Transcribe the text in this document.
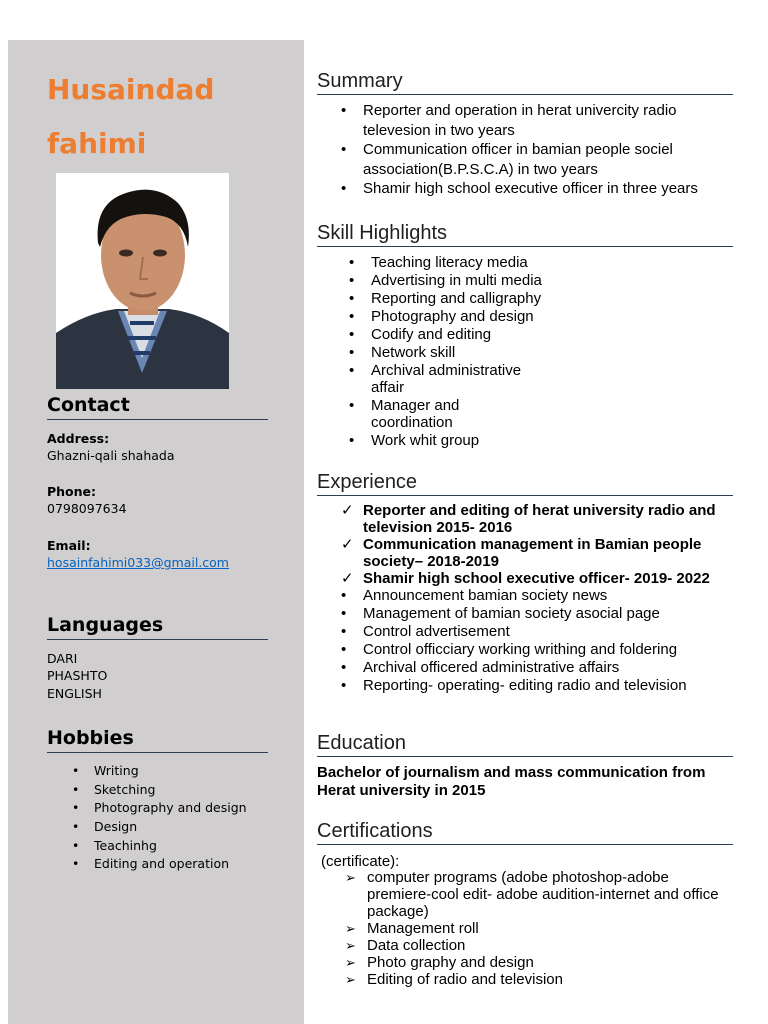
Husaindad
fahimi
Contact

Address:

Ghazni-qali shahada

Phone:

0798097634

Email:

hosainfahimi033@gmail.com

Languages

DARI

PHASHTO

ENGLISH

Hobbies
• Writing
• Sketching
• Photography and design
• Design
• Teachinhg
• Editing and operation
Summary
• Reporter and operation in herat univercity radio televesion in two years
• Communication officer in bamian people sociel association(B.P.S.C.A) in two years
• Shamir high school executive officer in three years
Skill Highlights
• Teaching literacy media
• Advertising in multi media
• Reporting and calligraphy
• Photography and design
• Codify and editing
• Network skill
• Archival administrative affair
• Manager and coordination
• Work whit group
Experience
✓ Reporter and editing of herat university radio and television 2015- 2016
✓ Communication management in Bamian people society– 2018-2019
✓ Shamir high school executive officer- 2019- 2022
• Announcement bamian society news
• Management of bamian society asocial page
• Control advertisement
• Control officciary working writhing and foldering
• Archival officered administrative affairs
• Reporting- operating- editing radio and television
Education

Bachelor of journalism and mass communication from Herat university in 2015

Certifications

(certificate):

➢ computer programs (adobe photoshop-adobe premiere-cool edit- adobe audition-internet and office package)
➢ Management roll
➢ Data collection
➢ Photo graphy and design
➢ Editing of radio and television
